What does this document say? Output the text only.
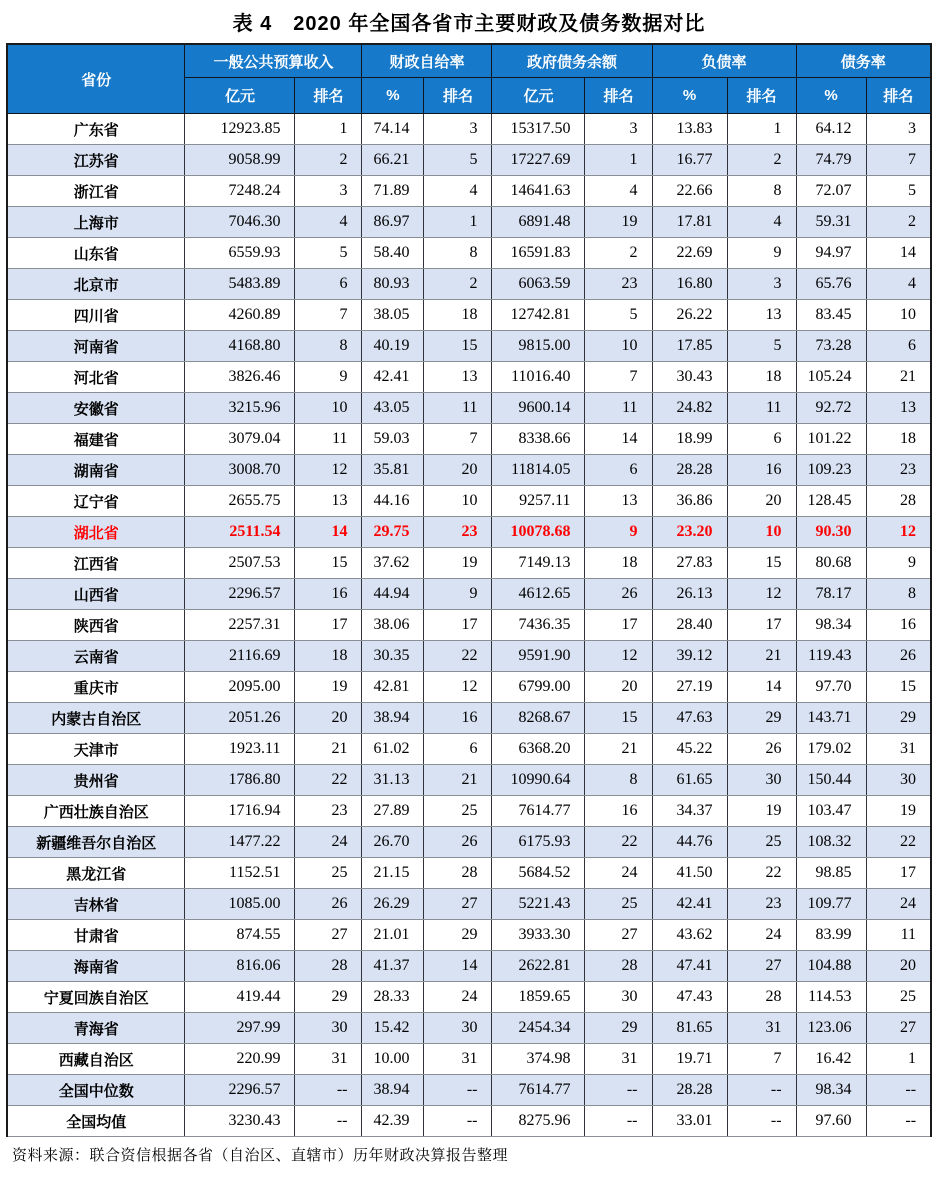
表 4　2020 年全国各省市主要财政及债务数据对比
省份	一般公共预算收入		财政自给率		政府债务余额		负债率		债务率	
	亿元	排名	%	排名	亿元	排名	%	排名	%	排名
广东省	12923.85	1	74.14	3	15317.50	3	13.83	1	64.12	3
江苏省	9058.99	2	66.21	5	17227.69	1	16.77	2	74.79	7
浙江省	7248.24	3	71.89	4	14641.63	4	22.66	8	72.07	5
上海市	7046.30	4	86.97	1	6891.48	19	17.81	4	59.31	2
山东省	6559.93	5	58.40	8	16591.83	2	22.69	9	94.97	14
北京市	5483.89	6	80.93	2	6063.59	23	16.80	3	65.76	4
四川省	4260.89	7	38.05	18	12742.81	5	26.22	13	83.45	10
河南省	4168.80	8	40.19	15	9815.00	10	17.85	5	73.28	6
河北省	3826.46	9	42.41	13	11016.40	7	30.43	18	105.24	21
安徽省	3215.96	10	43.05	11	9600.14	11	24.82	11	92.72	13
福建省	3079.04	11	59.03	7	8338.66	14	18.99	6	101.22	18
湖南省	3008.70	12	35.81	20	11814.05	6	28.28	16	109.23	23
辽宁省	2655.75	13	44.16	10	9257.11	13	36.86	20	128.45	28
湖北省	2511.54	14	29.75	23	10078.68	9	23.20	10	90.30	12
江西省	2507.53	15	37.62	19	7149.13	18	27.83	15	80.68	9
山西省	2296.57	16	44.94	9	4612.65	26	26.13	12	78.17	8
陕西省	2257.31	17	38.06	17	7436.35	17	28.40	17	98.34	16
云南省	2116.69	18	30.35	22	9591.90	12	39.12	21	119.43	26
重庆市	2095.00	19	42.81	12	6799.00	20	27.19	14	97.70	15
内蒙古自治区	2051.26	20	38.94	16	8268.67	15	47.63	29	143.71	29
天津市	1923.11	21	61.02	6	6368.20	21	45.22	26	179.02	31
贵州省	1786.80	22	31.13	21	10990.64	8	61.65	30	150.44	30
广西壮族自治区	1716.94	23	27.89	25	7614.77	16	34.37	19	103.47	19
新疆维吾尔自治区	1477.22	24	26.70	26	6175.93	22	44.76	25	108.32	22
黑龙江省	1152.51	25	21.15	28	5684.52	24	41.50	22	98.85	17
吉林省	1085.00	26	26.29	27	5221.43	25	42.41	23	109.77	24
甘肃省	874.55	27	21.01	29	3933.30	27	43.62	24	83.99	11
海南省	816.06	28	41.37	14	2622.81	28	47.41	27	104.88	20
宁夏回族自治区	419.44	29	28.33	24	1859.65	30	47.43	28	114.53	25
青海省	297.99	30	15.42	30	2454.34	29	81.65	31	123.06	27
西藏自治区	220.99	31	10.00	31	374.98	31	19.71	7	16.42	1
全国中位数	2296.57	--	38.94	--	7614.77	--	28.28	--	98.34	--
全国均值	3230.43	--	42.39	--	8275.96	--	33.01	--	97.60	--
资料来源：联合资信根据各省（自治区、直辖市）历年财政决算报告整理
